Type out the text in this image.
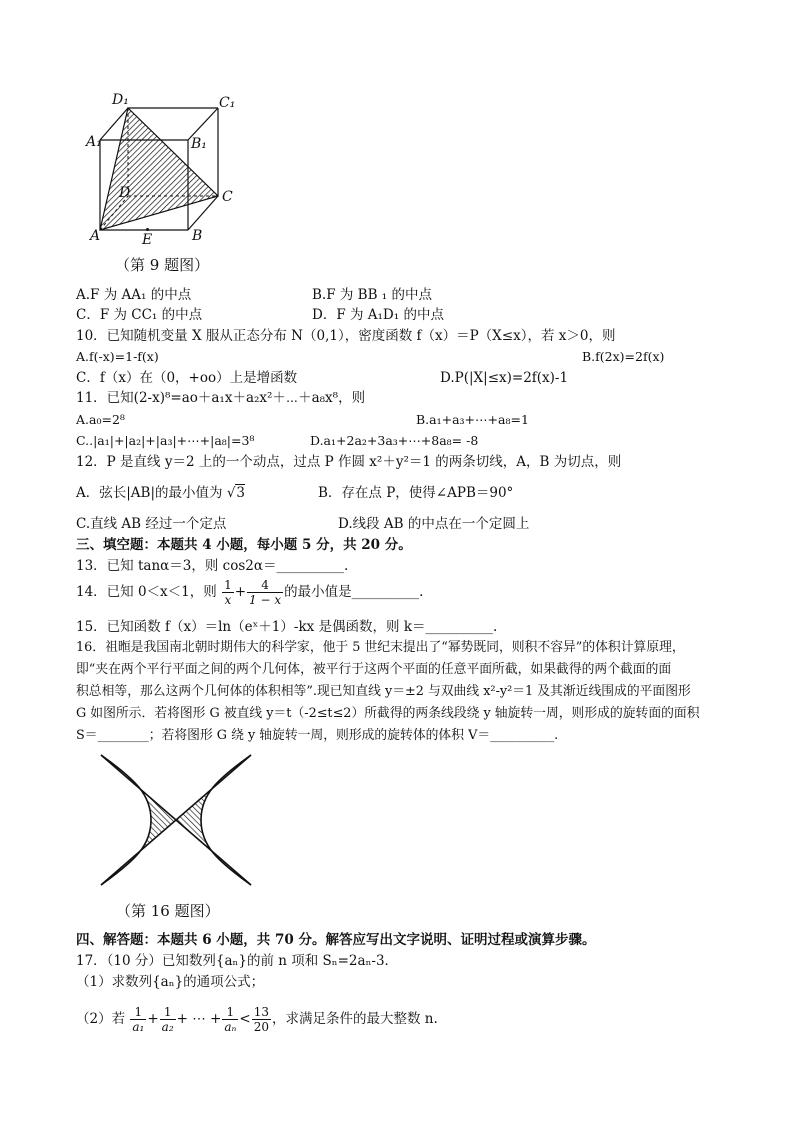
D₁	C₁
A₁	B₁
D	C
A	E	B
（第 9 题图）
A.F 为 AA₁ 的中点	B.F 为 BB ₁ 的中点
C．F 为 CC₁ 的中点	D．F 为 A₁D₁ 的中点
10．已知随机变量 X 服从正态分布 N（0,1），密度函数 f（x）＝P（X≤x），若 x＞0，则
A.f(-x)=1-f(x)	B.f(2x)=2f(x)
C．f（x）在（0，+oo）上是增函数	D.P(|X|≤x)=2f(x)-1
11．已知(2-x)⁸=ao＋a₁x＋a₂x²＋⋯＋a₈x⁸，则
A.a₀=2⁸	B.a₁+a₃+⋯+a₈=1
C..|a₁|+|a₂|+|a₃|+⋯+|a₈|=3⁸	D.a₁+2a₂+3a₃+⋯+8a₈= -8
12．P 是直线 y＝2 上的一个动点，过点 P 作圆 x²＋y²＝1 的两条切线，A，B 为切点，则
A．弦长|AB|的最小值为 √3	B．存在点 P，使得∠APB＝90°
C.直线 AB 经过一个定点	D.线段 AB 的中点在一个定圆上
三、填空题：本题共 4 小题，每小题 5 分，共 20 分。
13．已知 tanα＝3，则 cos2α＝__________.
14．已知 0＜x＜1，则 $\frac{1}{x} + \frac{4}{1 - x}$ 的最小值是__________.
15．已知函数 f（x）＝ln（eˣ＋1）-kx 是偶函数，则 k＝__________.
16．祖暅是我国南北朝时期伟大的科学家，他于 5 世纪末提出了“幂势既同，则积不容异”的体积计算原理，
即“夹在两个平行平面之间的两个几何体，被平行于这两个平面的任意平面所截，如果截得的两个截面的面
积总相等，那么这两个几何体的体积相等”.现已知直线 y＝±2 与双曲线 x²-y²＝1 及其渐近线围成的平面图形
G 如图所示．若将图形 G 被直线 y＝t（-2≤t≤2）所截得的两条线段绕 y 轴旋转一周，则形成的旋转面的面积
S＝________；若将图形 G 绕 y 轴旋转一周，则形成的旋转体的体积 V＝__________.
（第 16 题图）
四、解答题：本题共 6 小题，共 70 分。解答应写出文字说明、证明过程或演算步骤。
17．（10 分）已知数列{aₙ}的前 n 项和 Sₙ=2aₙ-3．
（1）求数列{aₙ}的通项公式；
（2）若 $\frac{1}{\text{a₁}} + \frac{1}{\text{a₂}}$ + ⋯ + $\frac{1}{\text{aₙ}} < \frac{13}{20}$ ，求满足条件的最大整数 n.
